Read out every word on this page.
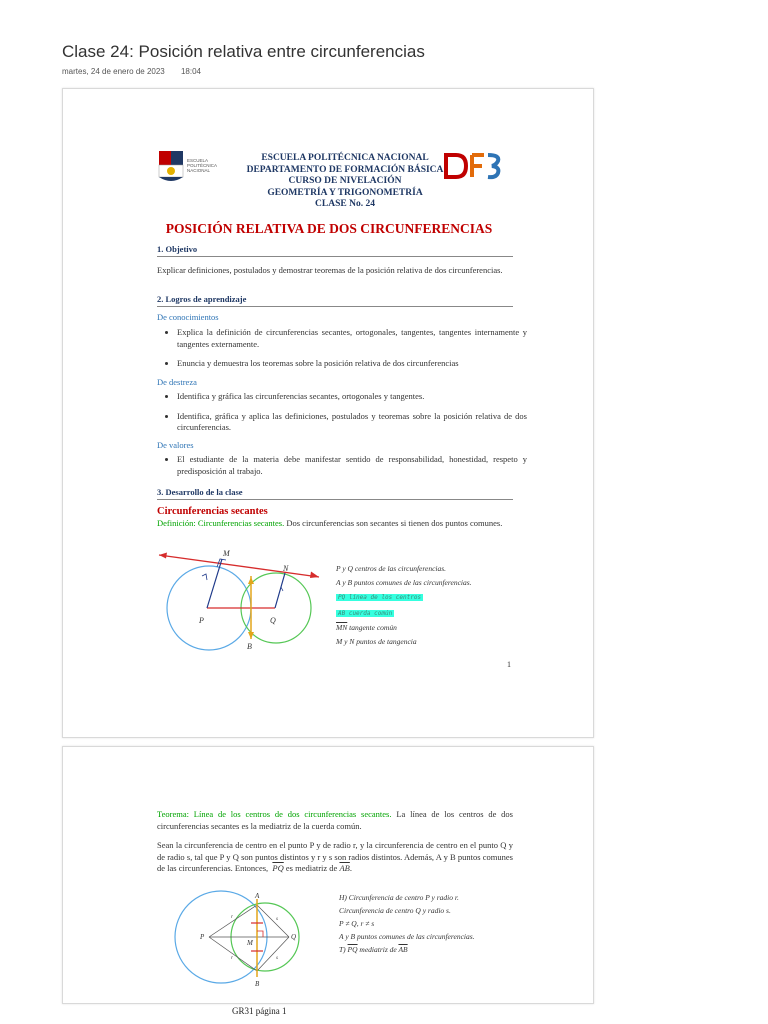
Clase 24: Posición relativa entre circunferencias
martes, 24 de enero de 2023 18:04
ESCUELA POLITÉCNICA NACIONAL
ESCUELA POLITÉCNICA NACIONAL
DEPARTAMENTO DE FORMACIÓN BÁSICA
CURSO DE NIVELACIÓN
GEOMETRÍA Y TRIGONOMETRÍA
CLASE No. 24
DFB
POSICIÓN RELATIVA DE DOS CIRCUNFERENCIAS
1. Objetivo
Explicar definiciones, postulados y demostrar teoremas de la posición relativa de dos circunferencias.
2. Logros de aprendizaje
De conocimientos
• Explica la definición de circunferencias secantes, ortogonales, tangentes, tangentes internamente y tangentes externamente.
• Enuncia y demuestra los teoremas sobre la posición relativa de dos circunferencias
De destreza
• Identifica y gráfica las circunferencias secantes, ortogonales y tangentes.
• Identifica, gráfica y aplica las definiciones, postulados y teoremas sobre la posición relativa de dos circunferencias.
De valores
• El estudiante de la materia debe manifestar sentido de responsabilidad, honestidad, respeto y predisposición al trabajo.
3. Desarrollo de la clase
Circunferencias secantes
Definición: Circunferencias secantes. Dos circunferencias son secantes si tienen dos puntos comunes.
M
N
P	Q
B
P y Q centros de las circunferencias.
A y B puntos comunes de las circunferencias.
PQ línea de los centros
AB cuerda común
$\overline{MN}$ tangente común
M y N puntos de tangencia
1
Teorema: Línea de los centros de dos circunferencias secantes. La línea de los centros de dos circunferencias secantes es la mediatriz de la cuerda común.
Sean la circunferencia de centro en el punto P y de radio r, y la circunferencia de centro en el punto Q y de radio s, tal que P y Q son puntos distintos y r y s son radios distintos. Además, A y B puntos comunes de las circunferencias. Entonces, $\overline{PQ}$ es mediatriz de $\overline{AB}$.
A
B
P	Q
M
r
r
s
s
H) Circunferencia de centro P y radio r.
Circunferencia de centro Q y radio s.
P ≠ Q, r ≠ s
A y B puntos comunes de las circunferencias.
T) $\overline{PQ}$ mediatriz de $\overline{AB}$
GR31 página 1
